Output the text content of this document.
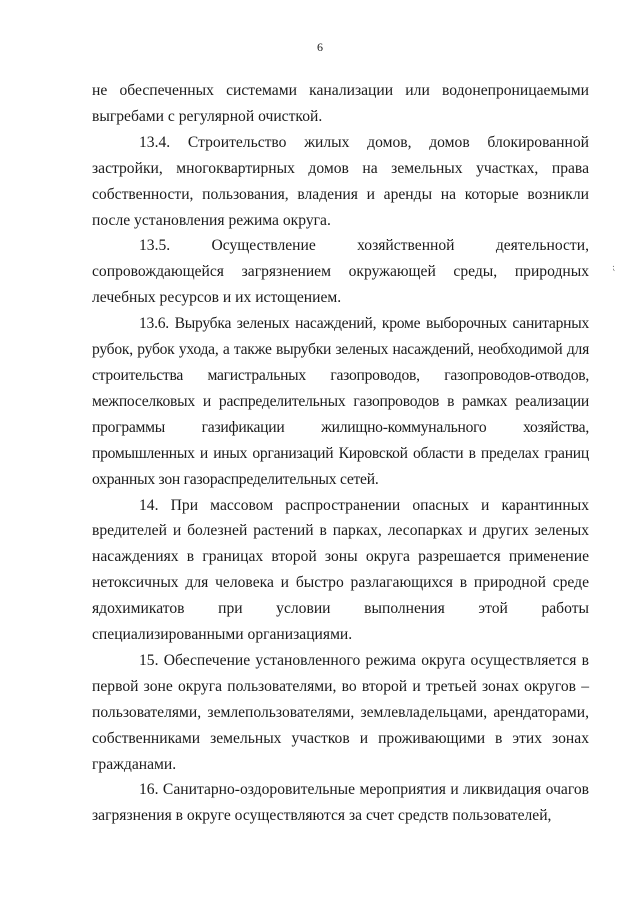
6

не обеспеченных системами канализации или водонепроницаемыми выгребами с регулярной очисткой.

13.4. Строительство жилых домов, домов блокированной застройки, многоквартирных домов на земельных участках, права собственности, пользования, владения и аренды на которые возникли после установления режима округа.

13.5. Осуществление хозяйственной деятельности, сопровождающейся загрязнением окружающей среды, природных лечебных ресурсов и их истощением.

13.6. Вырубка зеленых насаждений, кроме выборочных санитарных рубок, рубок ухода, а также вырубки зеленых насаждений, необходимой для строительства магистральных газопроводов, газопроводов-отводов, межпоселковых и распределительных газопроводов в рамках реализации программы газификации жилищно-коммунального хозяйства, промышленных и иных организаций Кировской области в пределах границ охранных зон газораспределительных сетей.

14. При массовом распространении опасных и карантинных вредителей и болезней растений в парках, лесопарках и других зеленых насаждениях в границах второй зоны округа разрешается применение нетоксичных для человека и быстро разлагающихся в природной среде ядохимикатов при условии выполнения этой работы специализированными организациями.

15. Обеспечение установленного режима округа осуществляется в первой зоне округа пользователями, во второй и третьей зонах округов – пользователями, землепользователями, землевладельцами, арендаторами, собственниками земельных участков и проживающими в этих зонах гражданами.

16. Санитарно-оздоровительные мероприятия и ликвидация очагов загрязнения в округе осуществляются за счет средств пользователей,

⁏
